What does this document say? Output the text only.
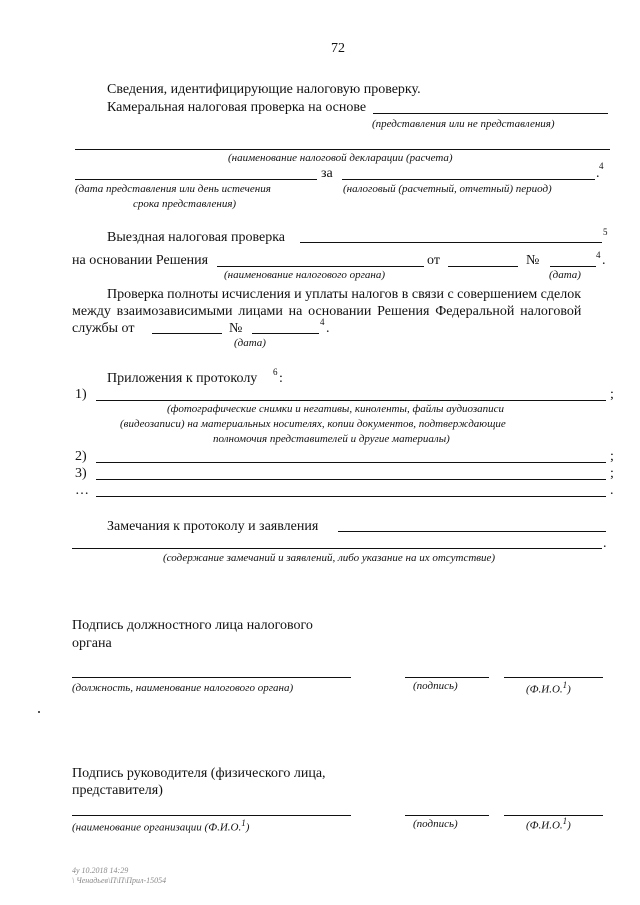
72
Сведения, идентифицирующие налоговую проверку.
Камеральная налоговая проверка на основе
(представления или не представления)
(наименование налоговой декларации (расчета)
за	. 4
(дата представления или день истечения
срока представления)
(налоговый (расчетный, отчетный) период)
Выездная налоговая проверка	5
на основании Решения	от	№	4 .
(наименование налогового органа)	(дата)
Проверка полноты исчисления и уплаты налогов в связи с совершением сделок
между взаимозависимыми лицами на основании Решения Федеральной налоговой
службы от	№	4 .
(дата)
Приложения к протоколу 6 :
1)	;
(фотографические снимки и негативы, киноленты, файлы аудиозаписи
(видеозаписи) на материальных носителях, копии документов, подтверждающие
полномочия представителей и другие материалы)
2)	;
3)	;
…	.
Замечания к протоколу и заявления
.
(содержание замечаний и заявлений, либо указание на их отсутствие)
Подпись должностного лица налогового
органа
(должность, наименование налогового органа)	(подпись)	(Ф.И.О.$^1$)
Подпись руководителя (физического лица,
представителя)
(наименование организации (Ф.И.О.$^1$)	(подпись)	(Ф.И.О.$^1$)
4у 10.2018 14:29
\ Ченадьев\П\П\Прил-15054
